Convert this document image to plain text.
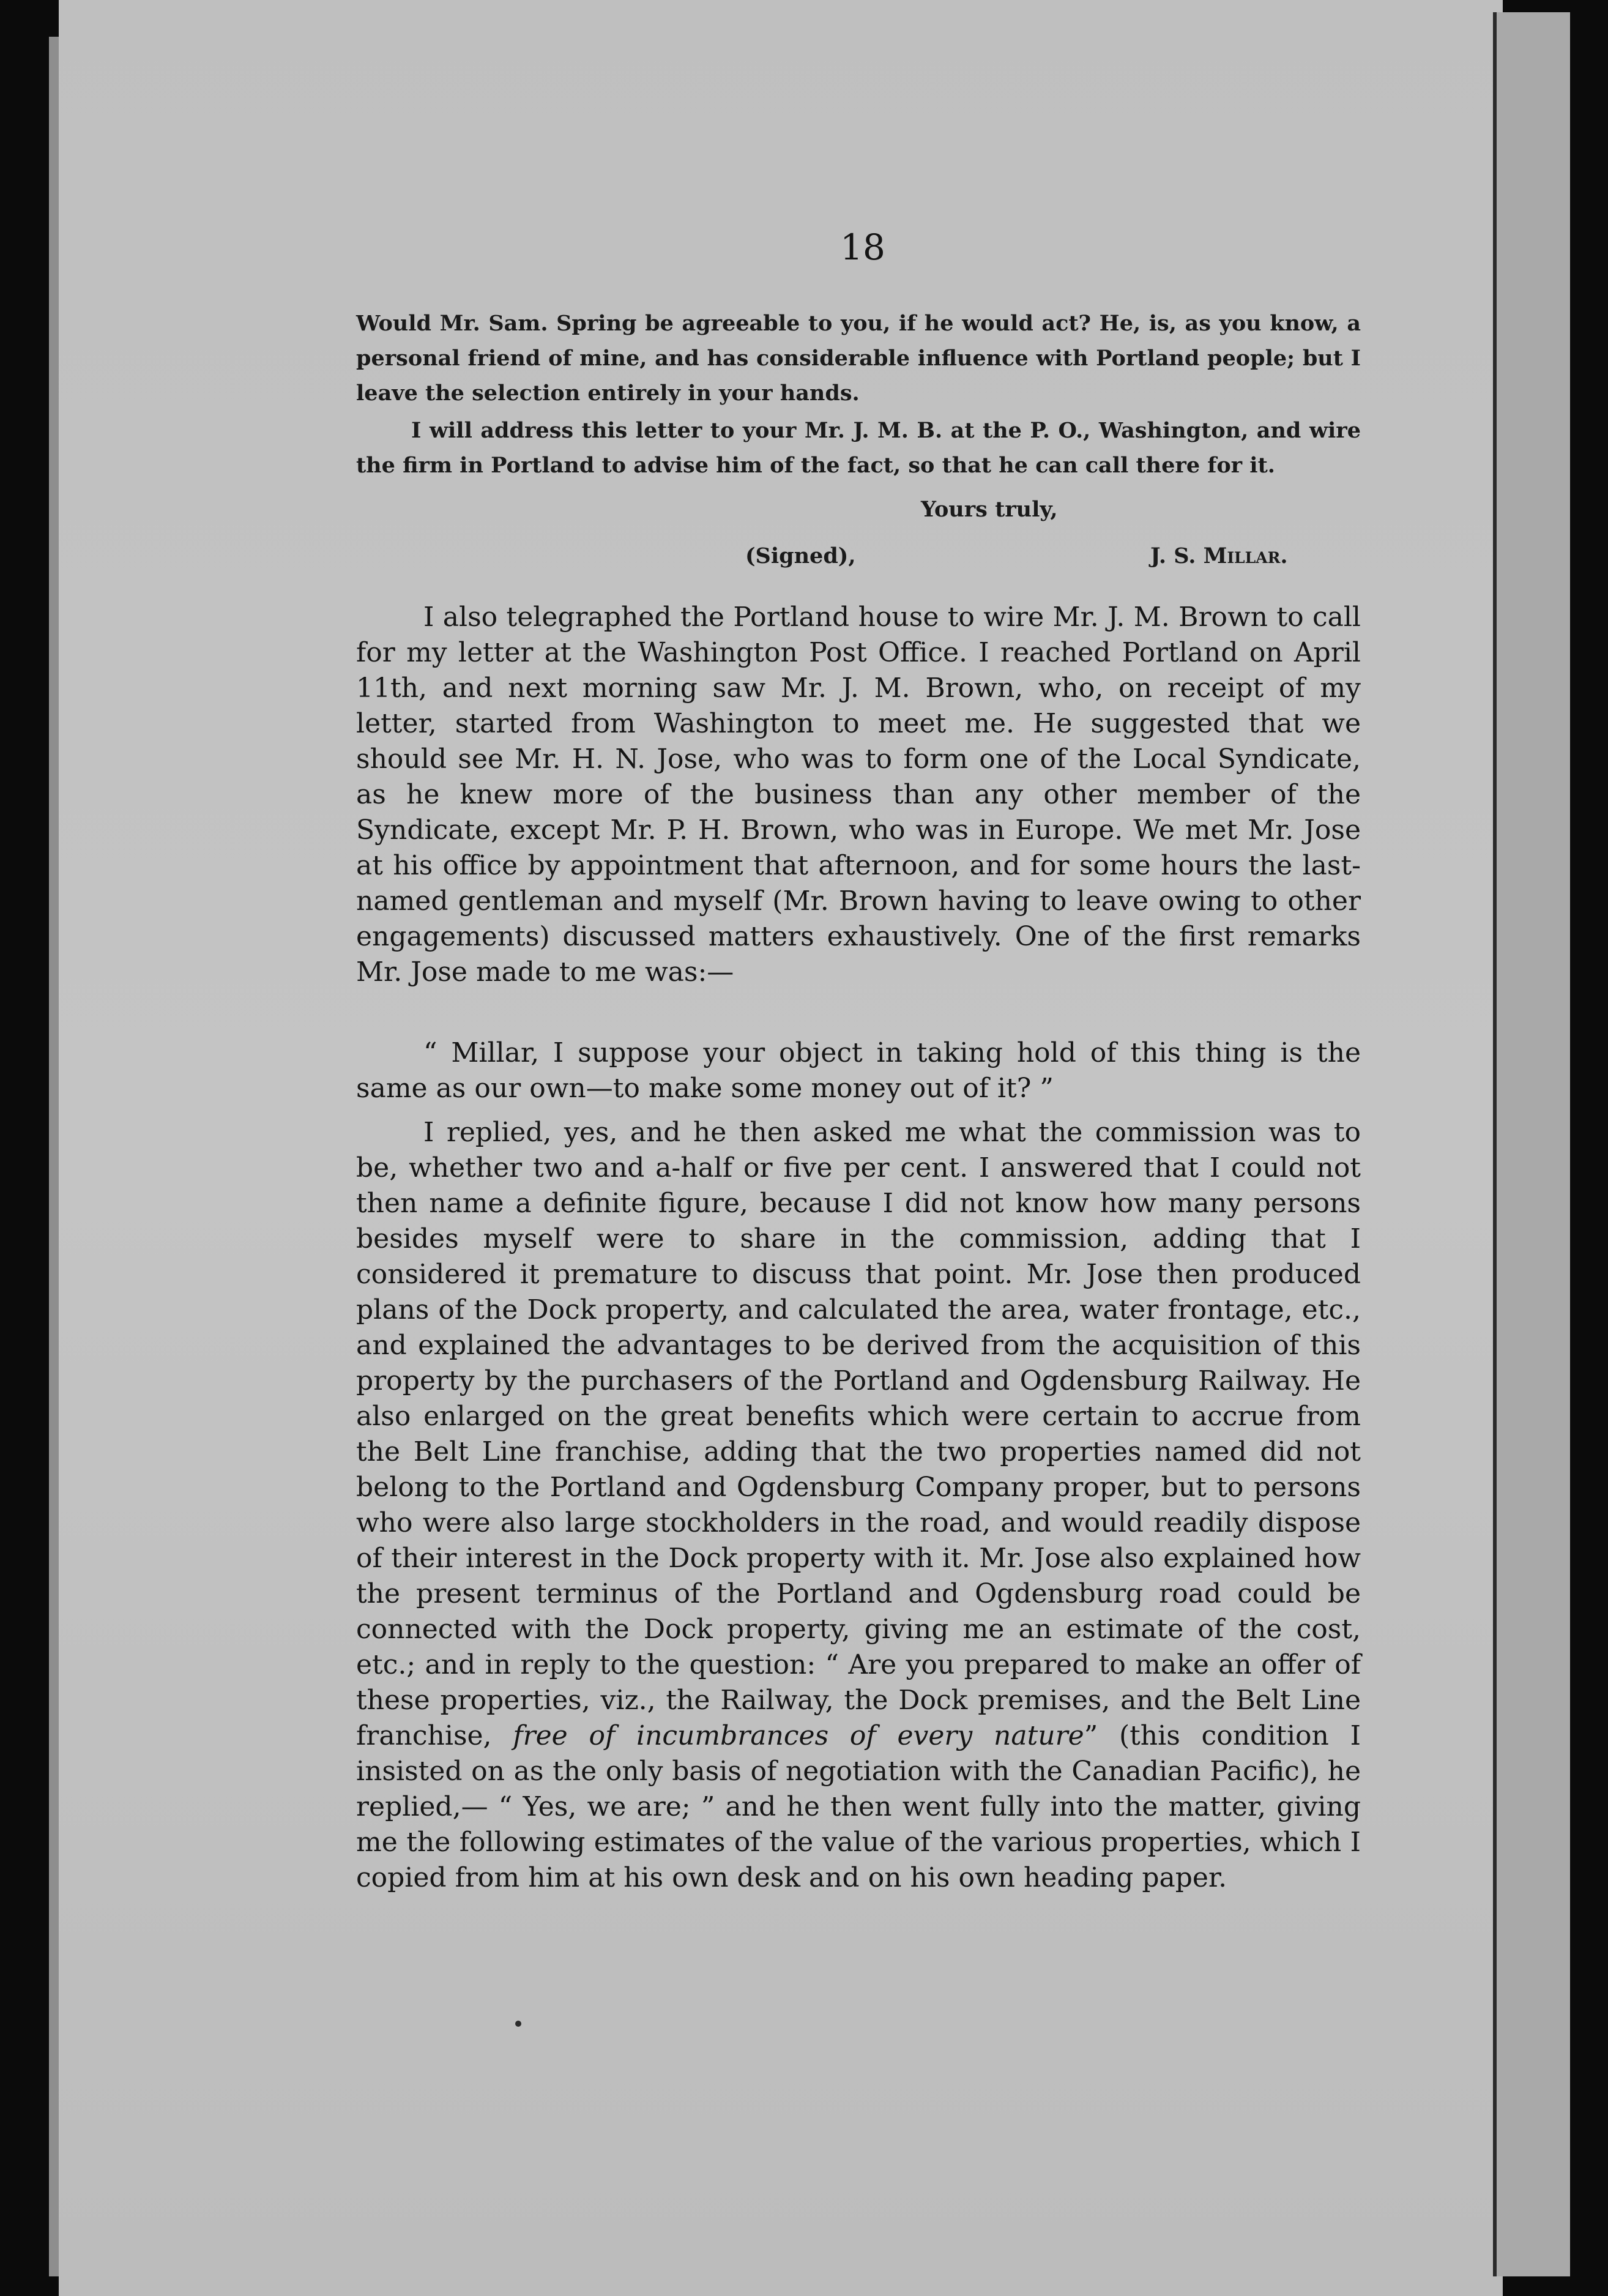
18

Would Mr. Sam. Spring be agreeable to you, if he would act? He, is, as you know, a personal friend of mine, and has considerable influence with Portland people; but I leave the selection entirely in your hands.

I will address this letter to your Mr. J. M. B. at the P. O., Washington, and wire the firm in Portland to advise him of the fact, so that he can call there for it.

Yours truly,
(Signed),	J. S. Millar.

I also telegraphed the Portland house to wire Mr. J. M. Brown to call for my letter at the Washington Post Office. I reached Portland on April 11th, and next morning saw Mr. J. M. Brown, who, on receipt of my letter, started from Washington to meet me. He suggested that we should see Mr. H. N. Jose, who was to form one of the Local Syndicate, as he knew more of the business than any other member of the Syndicate, except Mr. P. H. Brown, who was in Europe. We met Mr. Jose at his office by appointment that afternoon, and for some hours the last-named gentleman and myself (Mr. Brown having to leave owing to other engagements) discussed matters exhaustively. One of the first remarks Mr. Jose made to me was:—

“ Millar, I suppose your object in taking hold of this thing is the same as our own—to make some money out of it? ”

I replied, yes, and he then asked me what the commission was to be, whether two and a-half or five per cent. I answered that I could not then name a definite figure, because I did not know how many persons besides myself were to share in the commission, adding that I considered it premature to discuss that point. Mr. Jose then produced plans of the Dock property, and calculated the area, water frontage, etc., and explained the advantages to be derived from the acquisition of this property by the purchasers of the Portland and Ogdensburg Railway. He also enlarged on the great benefits which were certain to accrue from the Belt Line franchise, adding that the two properties named did not belong to the Portland and Ogdensburg Company proper, but to persons who were also large stockholders in the road, and would readily dispose of their interest in the Dock property with it. Mr. Jose also explained how the present terminus of the Portland and Ogdensburg road could be connected with the Dock property, giving me an estimate of the cost, etc.; and in reply to the question: “ Are you prepared to make an offer of these properties, viz., the Railway, the Dock premises, and the Belt Line franchise, free of incumbrances of every nature” (this condition I insisted on as the only basis of negotiation with the Canadian Pacific), he replied,— “ Yes, we are; ” and he then went fully into the matter, giving me the following estimates of the value of the various properties, which I copied from him at his own desk and on his own heading paper.
